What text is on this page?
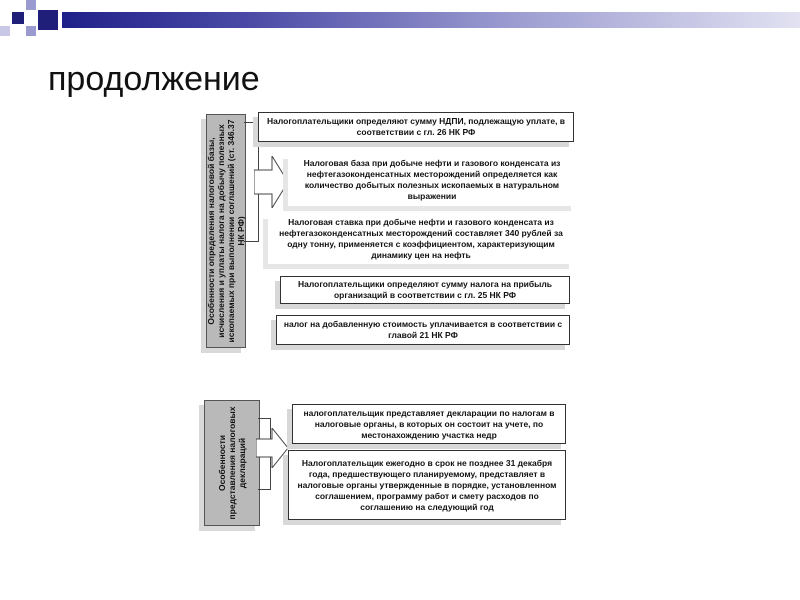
продолжение
Особенности определения налоговой базы, исчисления и уплаты налога на добычу полезных ископаемых при выполнении соглашений (ст. 346.37 НК РФ)
Налогоплательщики определяют сумму НДПИ, подлежащую уплате, в соответствии с гл. 26 НК РФ
Налоговая база при добыче нефти и газового конденсата из нефтегазоконденсатных месторождений определяется как количество добытых полезных ископаемых в натуральном выражении
Налоговая ставка при добыче нефти и газового конденсата из нефтегазоконденсатных месторождений составляет 340 рублей за одну тонну, применяется с коэффициентом, характеризующим динамику цен на нефть
Налогоплательщики определяют сумму налога на прибыль организаций в соответствии с гл. 25 НК РФ
налог на добавленную стоимость уплачивается в соответствии с главой 21 НК РФ
Особенности представления налоговых деклараций
налогоплательщик представляет декларации по налогам в налоговые органы, в которых он состоит на учете, по местонахождению участка недр
Налогоплательщик ежегодно в срок не позднее 31 декабря года, предшествующего планируемому, представляет в налоговые органы утвержденные в порядке, установленном соглашением, программу работ и смету расходов по соглашению на следующий год
